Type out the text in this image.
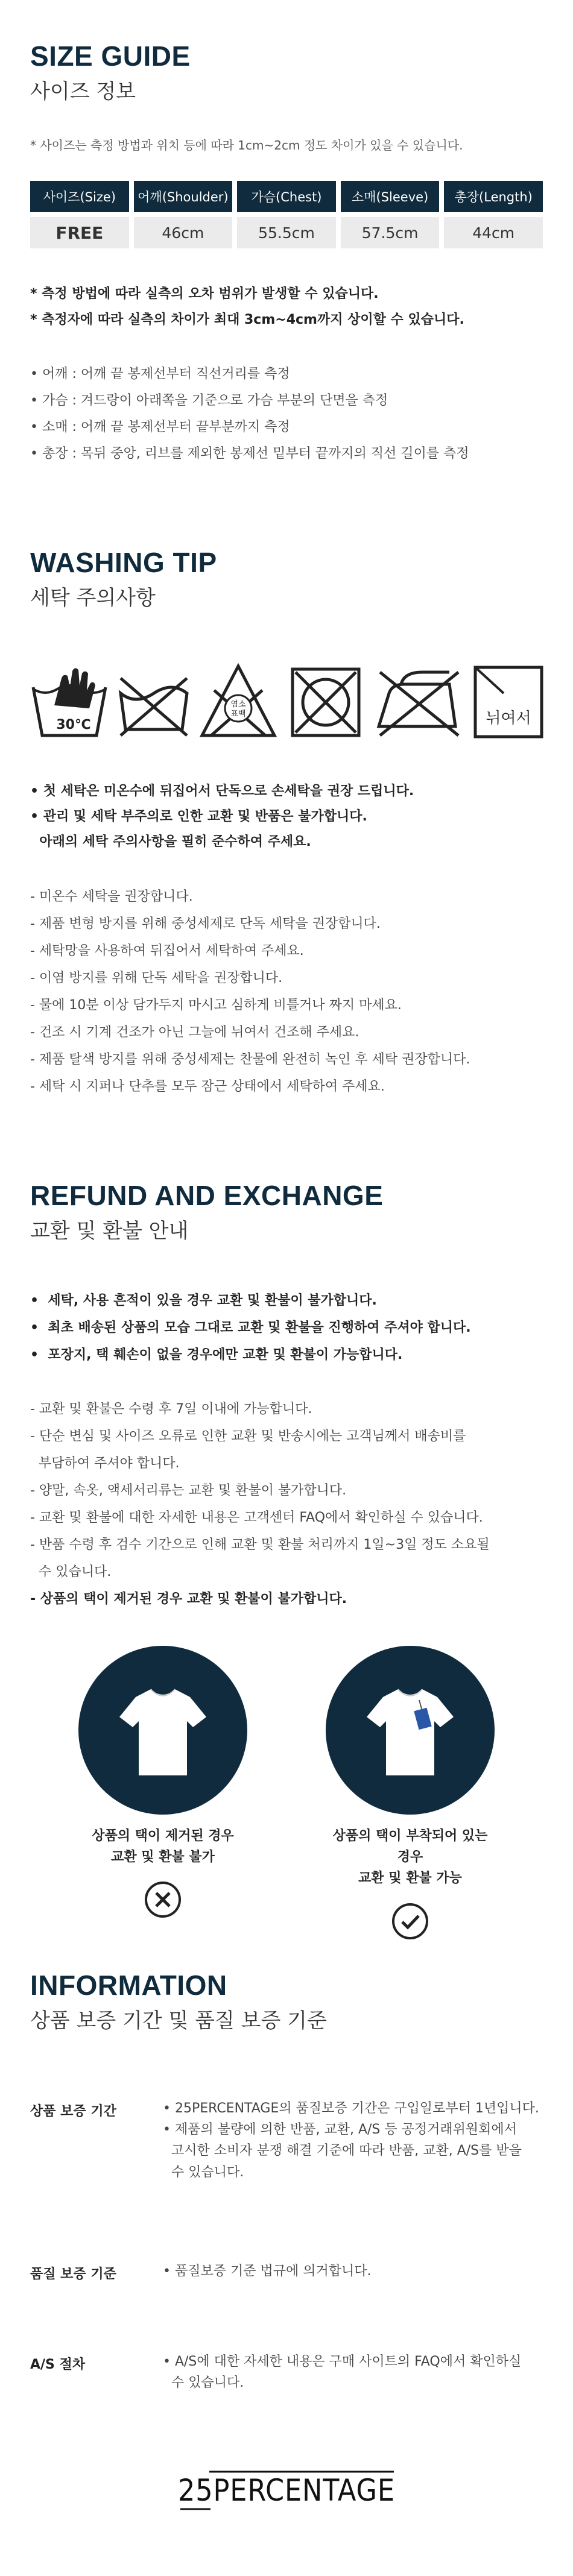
SIZE GUIDE
사이즈 정보
* 사이즈는 측정 방법과 위치 등에 따라 1cm~2cm 정도 차이가 있을 수 있습니다.
사이즈(Size)	어깨(Shoulder)	가슴(Chest)	소매(Sleeve)	총장(Length)
FREE	46cm	55.5cm	57.5cm	44cm
* 측정 방법에 따라 실측의 오차 범위가 발생할 수 있습니다.
* 측정자에 따라 실측의 차이가 최대 3cm~4cm까지 상이할 수 있습니다.
• 어깨 : 어깨 끝 봉제선부터 직선거리를 측정
• 가슴 : 겨드랑이 아래쪽을 기준으로 가슴 부분의 단면을 측정
• 소매 : 어깨 끝 봉제선부터 끝부분까지 측정
• 총장 : 목뒤 중앙, 리브를 제외한 봉제선 밑부터 끝까지의 직선 길이를 측정
WASHING TIP
세탁 주의사항
30℃
염소
표백	뉘여서
• 첫 세탁은 미온수에 뒤집어서 단독으로 손세탁을 권장 드립니다.
• 관리 및 세탁 부주의로 인한 교환 및 반품은 불가합니다.
아래의 세탁 주의사항을 필히 준수하여 주세요.
- 미온수 세탁을 권장합니다.
- 제품 변형 방지를 위해 중성세제로 단독 세탁을 권장합니다.
- 세탁망을 사용하여 뒤집어서 세탁하여 주세요.
- 이염 방지를 위해 단독 세탁을 권장합니다.
- 물에 10분 이상 담가두지 마시고 심하게 비틀거나 짜지 마세요.
- 건조 시 기계 건조가 아닌 그늘에 뉘여서 건조해 주세요.
- 제품 탈색 방지를 위해 중성세제는 찬물에 완전히 녹인 후 세탁 권장합니다.
- 세탁 시 지퍼나 단추를 모두 잠근 상태에서 세탁하여 주세요.
REFUND AND EXCHANGE
교환 및 환불 안내
•  세탁, 사용 흔적이 있을 경우 교환 및 환불이 불가합니다.
•  최초 배송된 상품의 모습 그대로 교환 및 환불을 진행하여 주셔야 합니다.
•  포장지, 택 훼손이 없을 경우에만 교환 및 환불이 가능합니다.
- 교환 및 환불은 수령 후 7일 이내에 가능합니다.
- 단순 변심 및 사이즈 오류로 인한 교환 및 반송시에는 고객님께서 배송비를
부담하여 주셔야 합니다.
- 양말, 속옷, 액세서리류는 교환 및 환불이 불가합니다.
- 교환 및 환불에 대한 자세한 내용은 고객센터 FAQ에서 확인하실 수 있습니다.
- 반품 수령 후 검수 기간으로 인해 교환 및 환불 처리까지 1일~3일 정도 소요될
수 있습니다.
- 상품의 택이 제거된 경우 교환 및 환불이 불가합니다.
상품의 택이 제거된 경우
교환 및 환불 불가
상품의 택이 부착되어 있는 경우
교환 및 환불 가능
INFORMATION
상품 보증 기간 및 품질 보증 기준
상품 보증 기간	• 25PERCENTAGE의 품질보증 기간은 구입일로부터 1년입니다.

• 제품의 불량에 의한 반품, 교환, A/S 등 공정거래위원회에서

고시한 소비자 분쟁 해결 기준에 따라 반품, 교환, A/S를 받을

수 있습니다.

품질 보증 기준	• 품질보증 기준 법규에 의거합니다.

A/S 절차	• A/S에 대한 자세한 내용은 구매 사이트의 FAQ에서 확인하실

수 있습니다.

25PERCENTAGE
